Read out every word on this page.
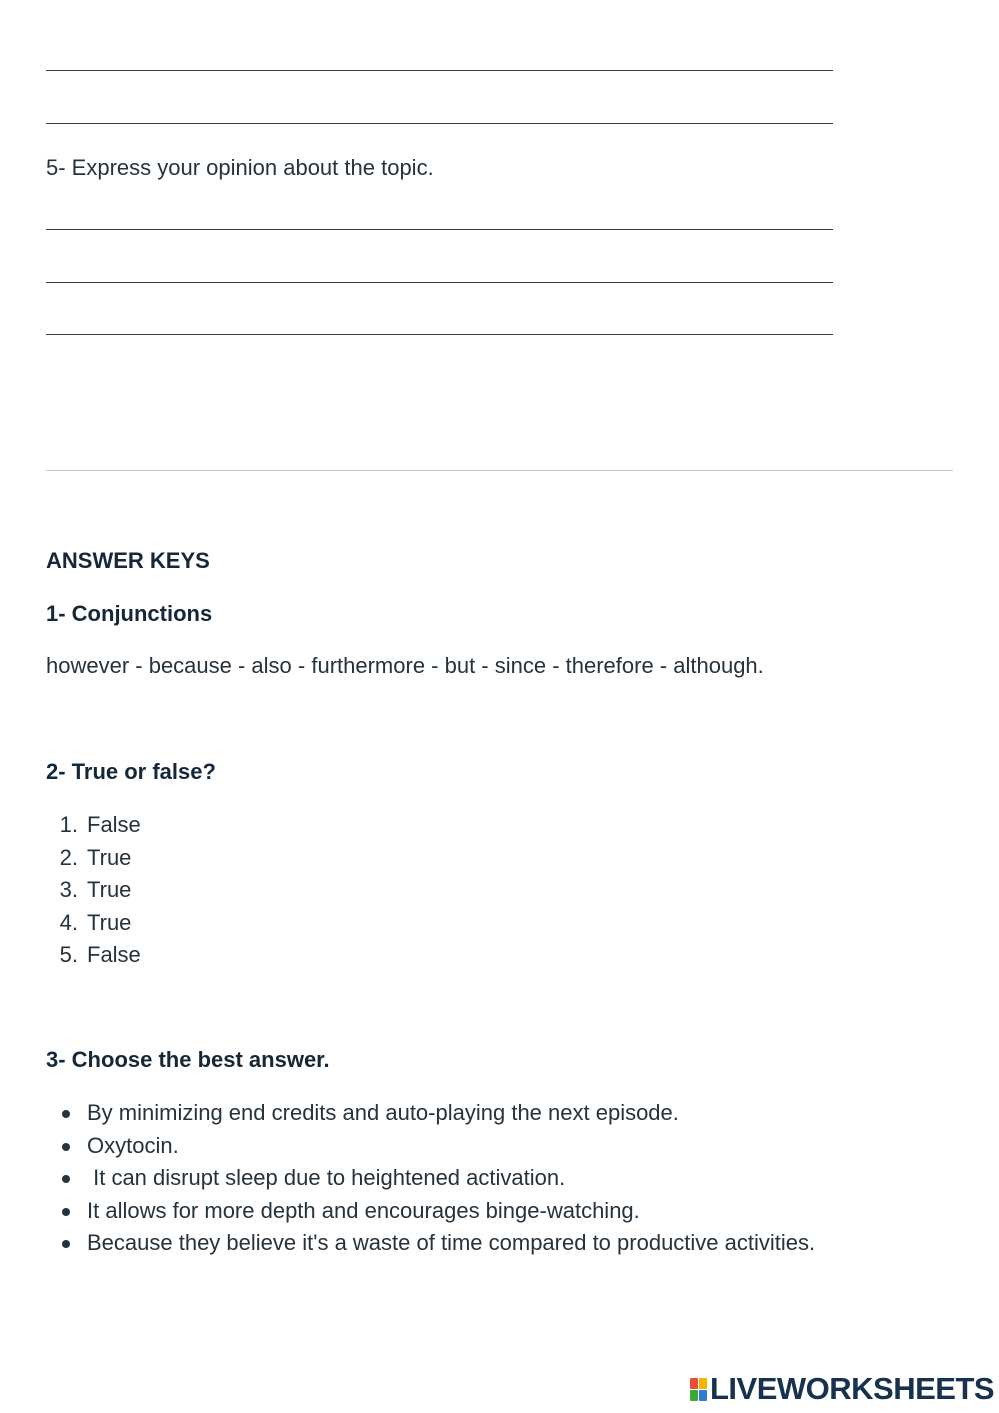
5- Express your opinion about the topic.
ANSWER KEYS
1- Conjunctions
however - because - also - furthermore - but - since - therefore - although.
2- True or false?
1. False
2. True
3. True
4. True
5. False
3- Choose the best answer.
By minimizing end credits and auto-playing the next episode.
Oxytocin.
It can disrupt sleep due to heightened activation.
It allows for more depth and encourages binge-watching.
Because they believe it's a waste of time compared to productive activities.
LIVEWORKSHEETS
